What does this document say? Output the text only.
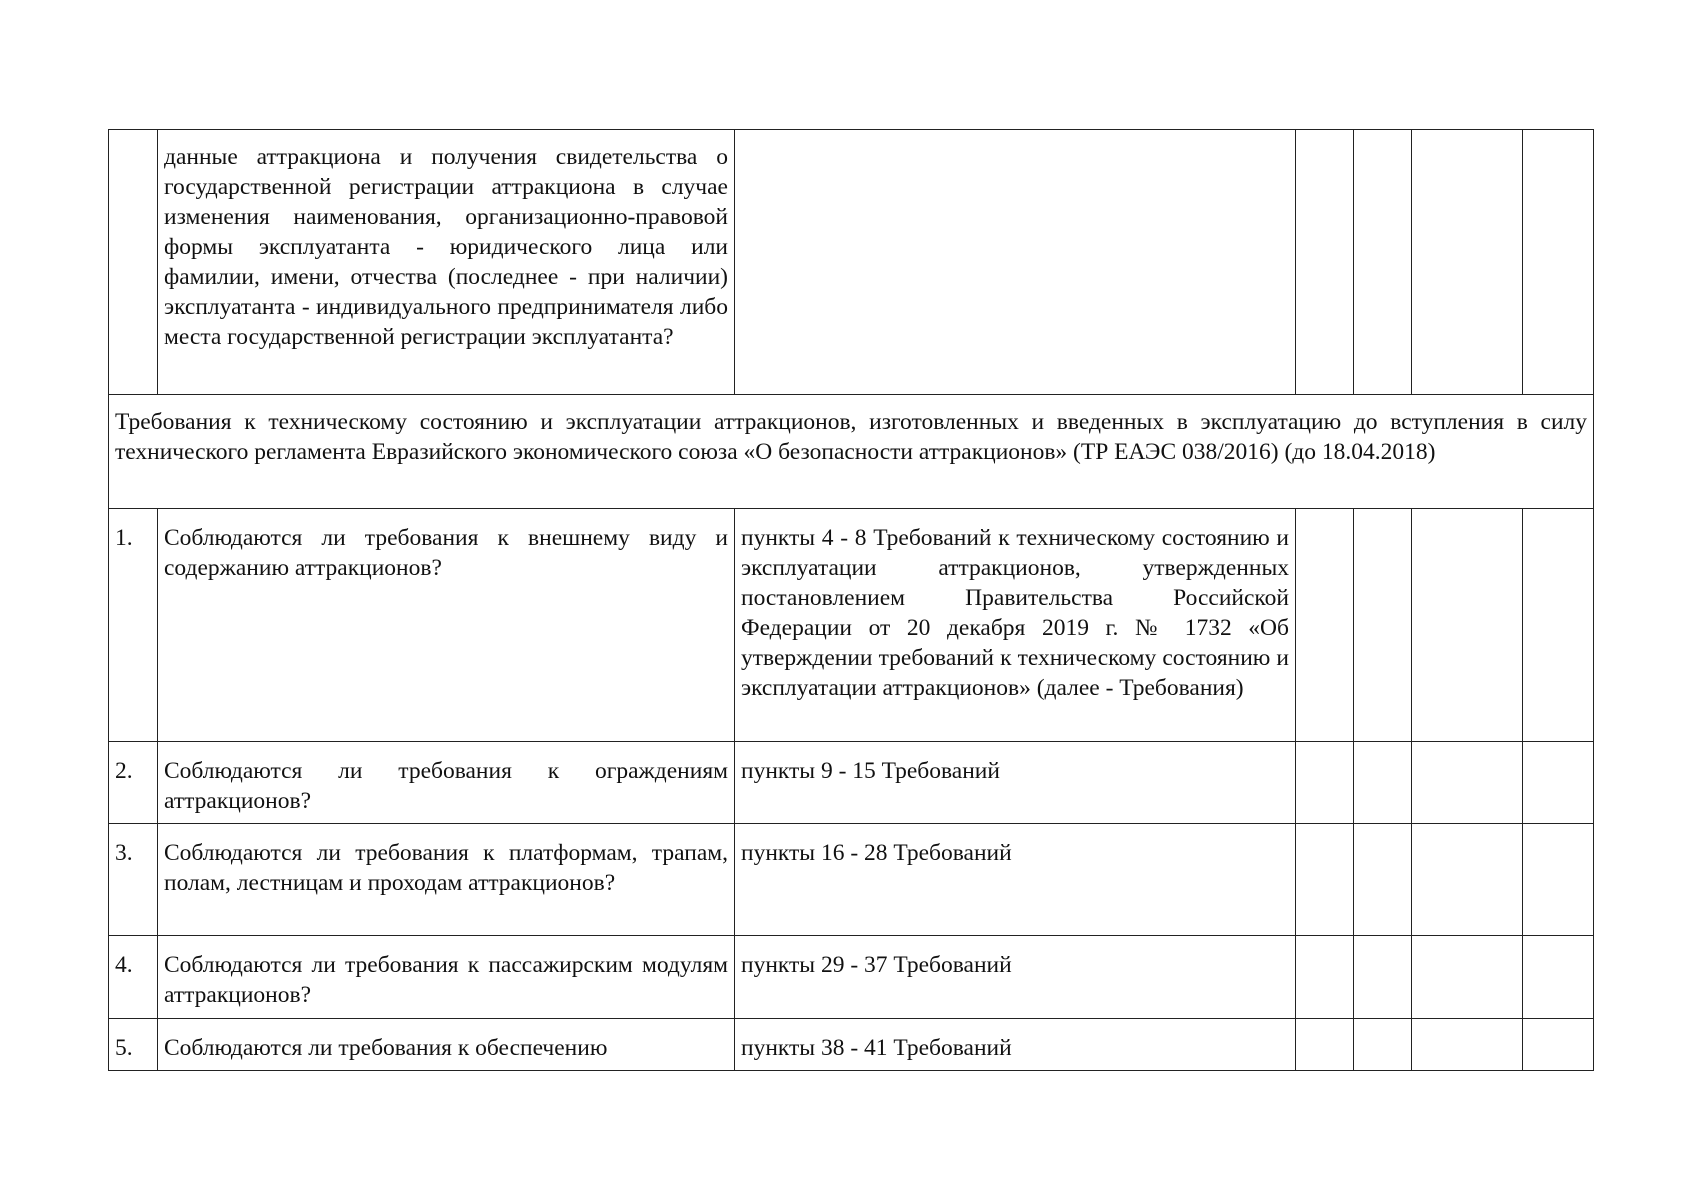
	данные аттракциона и получения свидетельства о государственной регистрации аттракциона в случае изменения наименования, организационно-правовой формы эксплуатанта - юридического лица или фамилии, имени, отчества (последнее - при наличии) эксплуатанта - индивидуального предпринимателя либо места государственной регистрации эксплуатанта?					
Требования к техническому состоянию и эксплуатации аттракционов, изготовленных и введенных в эксплуатацию до вступления в силу технического регламента Евразийского экономического союза «О безопасности аттракционов» (ТР ЕАЭС 038/2016) (до 18.04.2018)						
1.	Соблюдаются ли требования к внешнему виду и содержанию аттракционов?	пункты 4 - 8 Требований к техническому состоянию и эксплуатации аттракционов, утвержденных постановлением Правительства Российской Федерации от 20 декабря 2019 г. № 1732 «Об утверждении требований к техническому состоянию и эксплуатации аттракционов» (далее - Требования)				
2.	Соблюдаются ли требования к ограждениям аттракционов?	пункты 9 - 15 Требований				
3.	Соблюдаются ли требования к платформам, трапам, полам, лестницам и проходам аттракционов?	пункты 16 - 28 Требований				
4.	Соблюдаются ли требования к пассажирским модулям аттракционов?	пункты 29 - 37 Требований				
5.	Соблюдаются ли требования к обеспечению	пункты 38 - 41 Требований				
